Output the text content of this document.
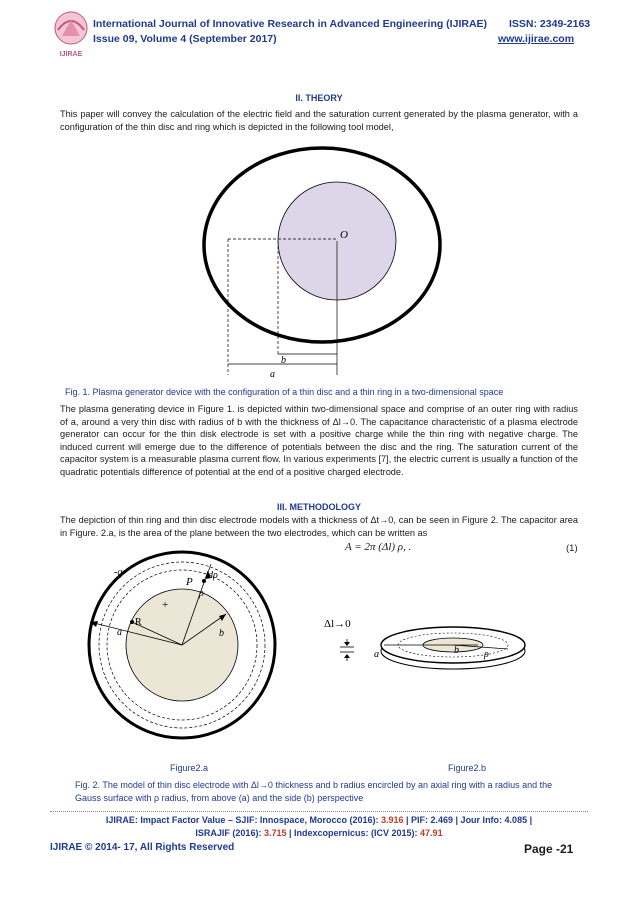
IJIRAE
International Journal of Innovative Research in Advanced Engineering (IJIRAE) ISSN: 2349-2163
Issue 09, Volume 4 (September 2017)	www.ijirae.com
II. THEORY
This paper will convey the calculation of the electric field and the saturation current generated by the plasma generator, with a configuration of the thin disc and ring which is depicted in the following tool model,
O
b
a
Fig. 1. Plasma generator device with the configuration of a thin disc and a thin ring in a two-dimensional space
The plasma generating device in Figure 1. is depicted within two-dimensional space and comprise of an outer ring with radius of a, around a very thin disc with radius of b with the thickness of Δl→0. The capacitance characteristic of a plasma electrode generator can occur for the thin disk electrode is set with a positive charge while the thin ring with negative charge. The induced current will emerge due to the difference of potentials between the disc and the ring. The saturation current of the capacitor system is a measurable plasma current flow. In various experiments [7], the electric current is usually a function of the quadratic potentials difference of potential at the end of a positive charged electrode.
III. METHODOLOGY
The depiction of thin ring and thin disc electrode models with a thickness of Δt→0, can be seen in Figure 2. The capacitor area in Figure. 2.a, is the area of the plane between the two electrodes, which can be written as
A = 2π (Δl) ρ, .	(1)
-q
P
dρ
ρ
+
R
a	b
Δl→0
a	b	ρ
Figure2.a	Figure2.b
Fig. 2. The model of thin disc electrode with Δl→0 thickness and b radius encircled by an axial ring with a radius and the Gauss surface with ρ radius, from above (a) and the side (b) perspective
IJIRAE: Impact Factor Value – SJIF: Innospace, Morocco (2016): 3.916 | PIF: 2.469 | Jour Info: 4.085 |
ISRAJIF (2016): 3.715 | Indexcopernicus: (ICV 2015): 47.91
IJIRAE © 2014- 17, All Rights Reserved	Page -21
